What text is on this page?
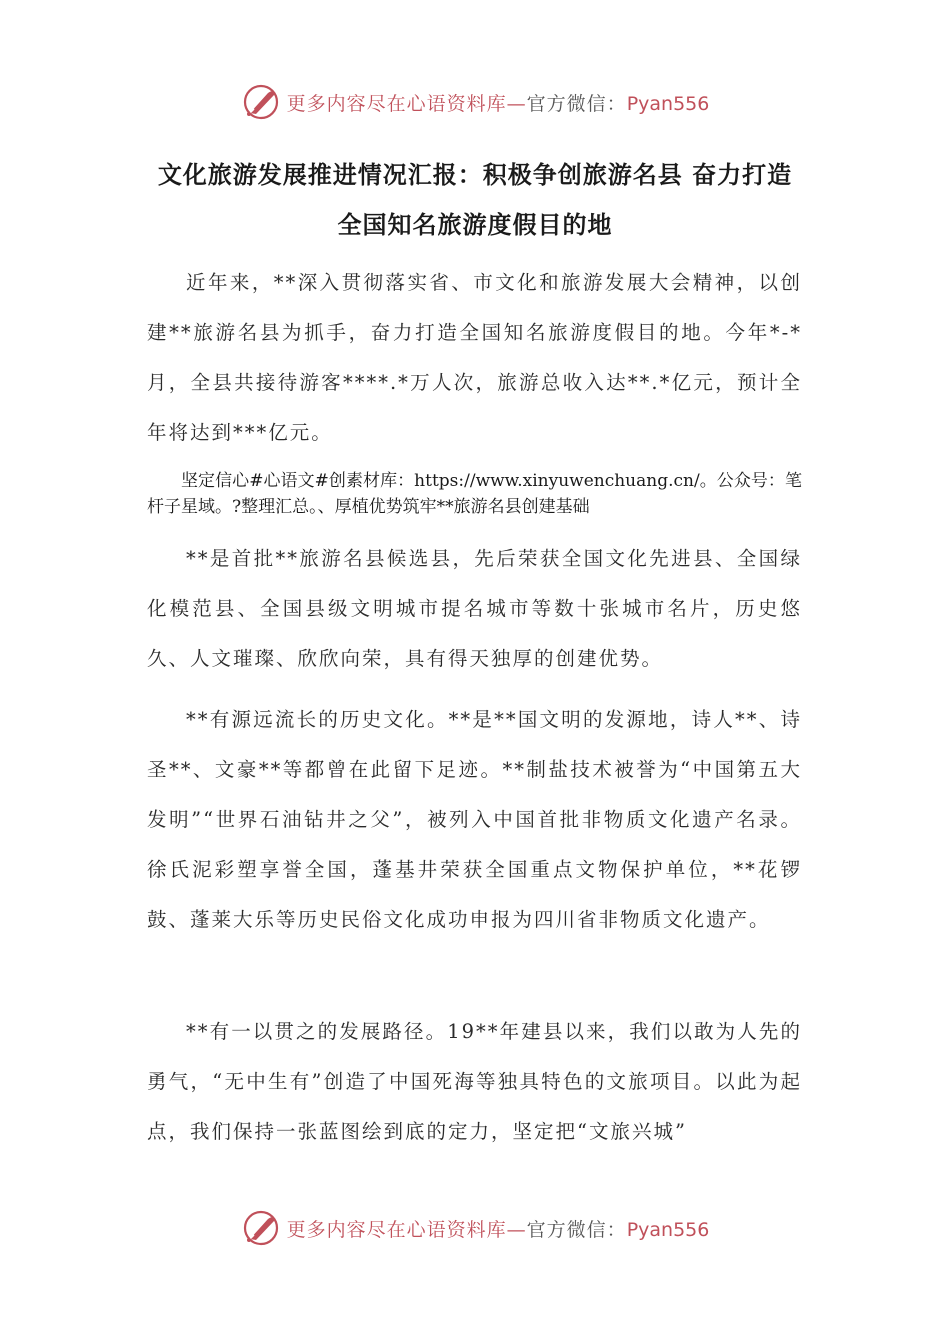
更多内容尽在心语资料库—官方微信：Pyan556
文化旅游发展推进情况汇报：积极争创旅游名县 奋力打造
全国知名旅游度假目的地

近年来，**深入贯彻落实省、市文化和旅游发展大会精神，以创建**旅游名县为抓手，奋力打造全国知名旅游度假目的地。今年*-*月，全县共接待游客****.*万人次，旅游总收入达**.*亿元，预计全年将达到***亿元。

坚定信心#心语文#创素材库：https://www.xinyuwenchuang.cn/。公众号：笔杆子星域。?整理汇总。、厚植优势筑牢**旅游名县创建基础

**是首批**旅游名县候选县，先后荣获全国文化先进县、全国绿化模范县、全国县级文明城市提名城市等数十张城市名片，历史悠久、人文璀璨、欣欣向荣，具有得天独厚的创建优势。

**有源远流长的历史文化。**是**国文明的发源地，诗人**、诗圣**、文豪**等都曾在此留下足迹。**制盐技术被誉为“中国第五大发明”“世界石油钻井之父”，被列入中国首批非物质文化遗产名录。徐氏泥彩塑享誉全国，蓬基井荣获全国重点文物保护单位，**花锣鼓、蓬莱大乐等历史民俗文化成功申报为四川省非物质文化遗产。

**有一以贯之的发展路径。19**年建县以来，我们以敢为人先的勇气，“无中生有”创造了中国死海等独具特色的文旅项目。以此为起点，我们保持一张蓝图绘到底的定力，坚定把“文旅兴城”

更多内容尽在心语资料库—官方微信：Pyan556
